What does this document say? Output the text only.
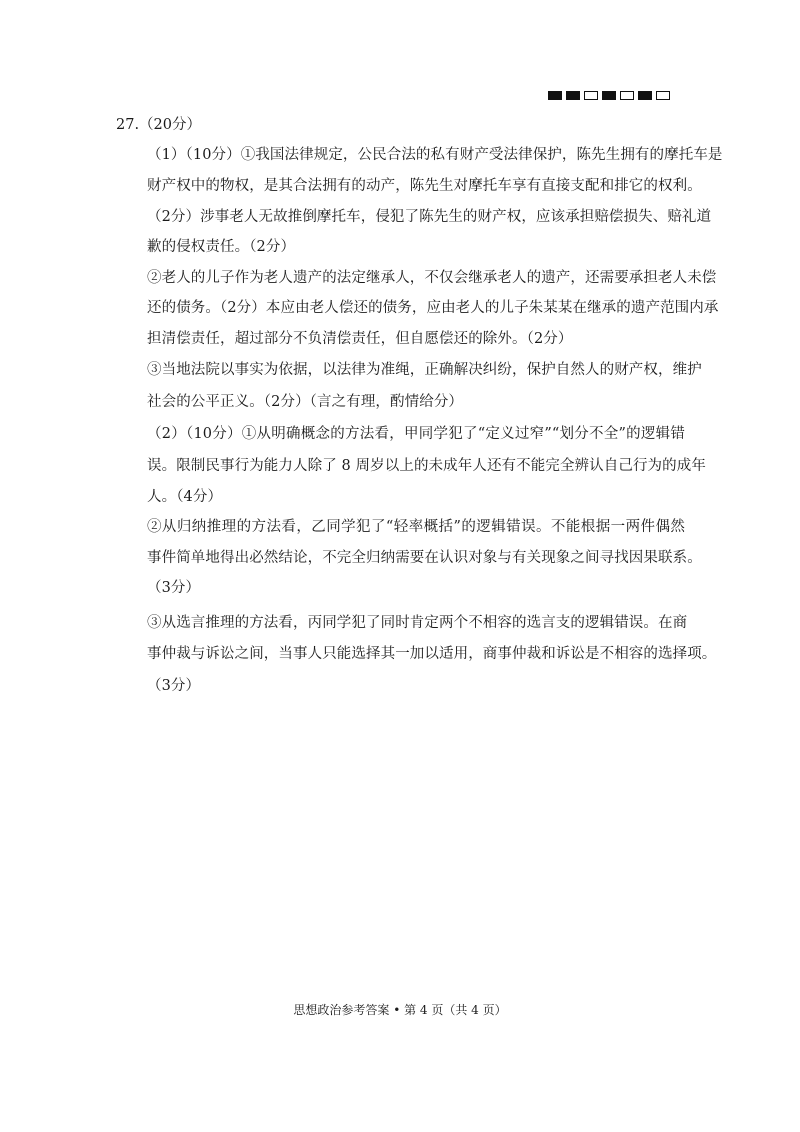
27.（20分）
（1）（10分）①我国法律规定，公民合法的私有财产受法律保护，陈先生拥有的摩托车是
财产权中的物权，是其合法拥有的动产，陈先生对摩托车享有直接支配和排它的权利。
（2分）涉事老人无故推倒摩托车，侵犯了陈先生的财产权，应该承担赔偿损失、赔礼道
歉的侵权责任。（2分）
②老人的儿子作为老人遗产的法定继承人，不仅会继承老人的遗产，还需要承担老人未偿
还的债务。（2分）本应由老人偿还的债务，应由老人的儿子朱某某在继承的遗产范围内承
担清偿责任，超过部分不负清偿责任，但自愿偿还的除外。（2分）
③当地法院以事实为依据，以法律为准绳，正确解决纠纷，保护自然人的财产权，维护
社会的公平正义。（2分）（言之有理，酌情给分）
（2）（10分）①从明确概念的方法看，甲同学犯了“定义过窄”“划分不全”的逻辑错
误。限制民事行为能力人除了 8 周岁以上的未成年人还有不能完全辨认自己行为的成年
人。（4分）
②从归纳推理的方法看，乙同学犯了“轻率概括”的逻辑错误。不能根据一两件偶然
事件简单地得出必然结论，不完全归纳需要在认识对象与有关现象之间寻找因果联系。
（3分）
③从选言推理的方法看，丙同学犯了同时肯定两个不相容的选言支的逻辑错误。在商
事仲裁与诉讼之间，当事人只能选择其一加以适用，商事仲裁和诉讼是不相容的选择项。
（3分）
思想政治参考答案 • 第 4 页（共 4 页）
